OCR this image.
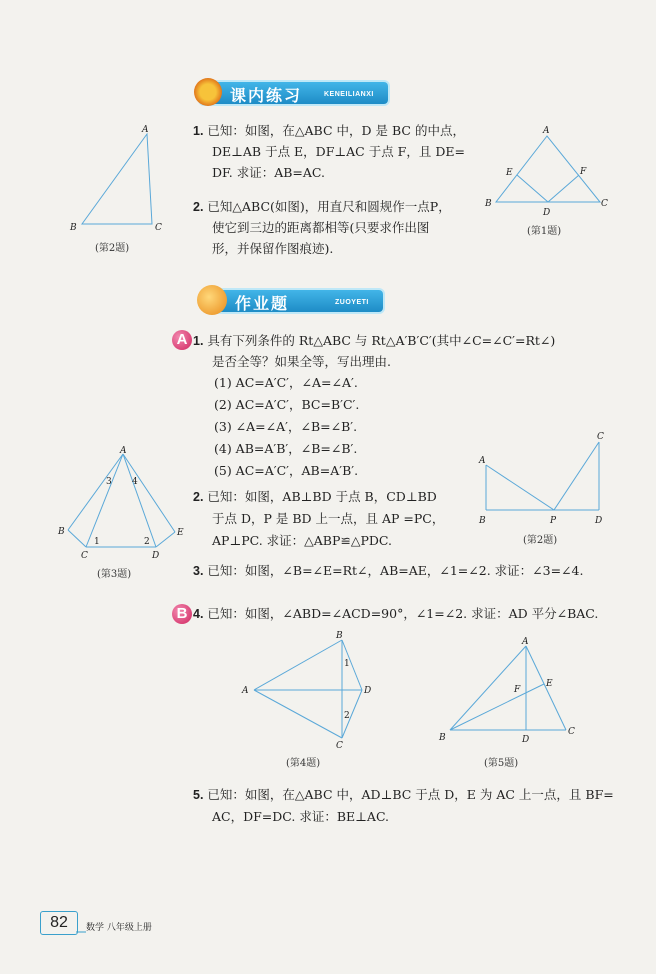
课内练习	KENEILIANXI
A
B	C
(第2题)
1. 已知：如图，在△ABC 中，D 是 BC 的中点，
DE⊥AB 于点 E，DF⊥AC 于点 F，且 DE=
DF. 求证：AB=AC.
2. 已知△ABC(如图)，用直尺和圆规作一点P，
使它到三边的距离都相等(只要求作出图
形，并保留作图痕迹).
A
B	C
D
E	F
(第1题)
作业题	ZUOYETI
A 1. 具有下列条件的 Rt△ABC 与 Rt△A′B′C′(其中∠C=∠C′=Rt∠)
是否全等？如果全等，写出理由.
(1) AC=A′C′，∠A=∠A′.
(2) AC=A′C′，BC=B′C′.
(3) ∠A=∠A′，∠B=∠B′.
(4) AB=A′B′，∠B=∠B′.
(5) AC=A′C′，AB=A′B′.
A
B
C	D
E
3 4
1	2
(第3题)
A
B	P	D
C
(第2题)
2. 已知：如图，AB⊥BD 于点 B，CD⊥BD
于点 D，P 是 BD 上一点，且 AP =PC，
AP⊥PC. 求证：△ABP≌△PDC.
3. 已知：如图，∠B=∠E=Rt∠，AB=AE，∠1=∠2. 求证：∠3=∠4.
B 4. 已知：如图，∠ABD=∠ACD=90°，∠1=∠2. 求证：AD 平分∠BAC.
A
B
D
C
1
2
(第4题)
A
B
C
D
E
F
(第5题)
5. 已知：如图，在△ABC 中，AD⊥BC 于点 D，E 为 AC 上一点，且 BF=
AC，DF=DC. 求证：BE⊥AC.
82	数学 八年级上册
